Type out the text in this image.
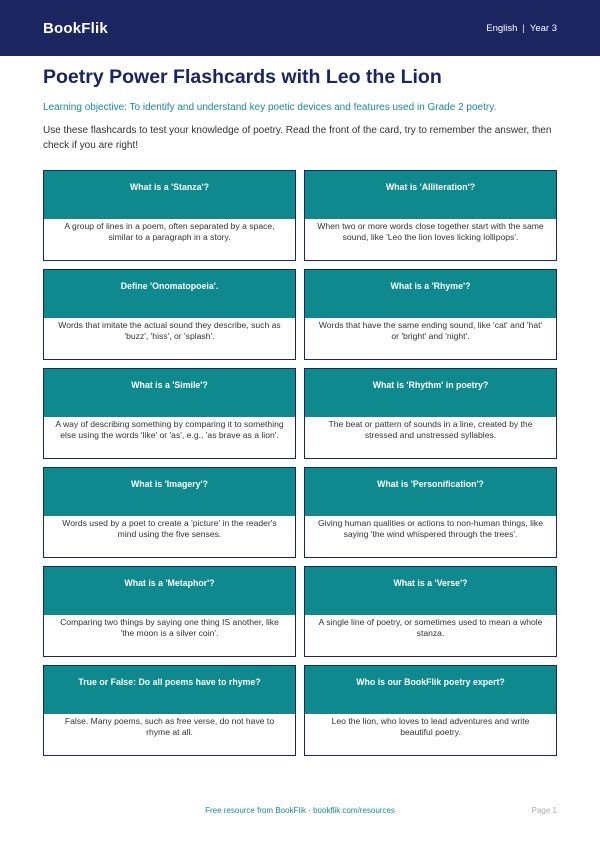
BookFlik	English | Year 3
Poetry Power Flashcards with Leo the Lion

Learning objective: To identify and understand key poetic devices and features used in Grade 2 poetry.

Use these flashcards to test your knowledge of poetry. Read the front of the card, try to remember the answer, then check if you are right!

What is a 'Stanza'?
A group of lines in a poem, often separated by a space, similar to a paragraph in a story.
What is 'Alliteration'?
When two or more words close together start with the same sound, like 'Leo the lion loves licking lollipops'.
Define 'Onomatopoeia'.
Words that imitate the actual sound they describe, such as 'buzz', 'hiss', or 'splash'.
What is a 'Rhyme'?
Words that have the same ending sound, like 'cat' and 'hat' or 'bright' and 'night'.
What is a 'Simile'?
A way of describing something by comparing it to something else using the words 'like' or 'as', e.g., 'as brave as a lion'.
What is 'Rhythm' in poetry?
The beat or pattern of sounds in a line, created by the stressed and unstressed syllables.
What is 'Imagery'?
Words used by a poet to create a 'picture' in the reader's mind using the five senses.
What is 'Personification'?
Giving human qualities or actions to non-human things, like saying 'the wind whispered through the trees'.
What is a 'Metaphor'?
Comparing two things by saying one thing IS another, like 'the moon is a silver coin'.
What is a 'Verse'?
A single line of poetry, or sometimes used to mean a whole stanza.
True or False: Do all poems have to rhyme?
False. Many poems, such as free verse, do not have to rhyme at all.
Who is our BookFlik poetry expert?
Leo the lion, who loves to lead adventures and write beautiful poetry.
Free resource from BookFlik · bookflik.com/resources	Page 1
